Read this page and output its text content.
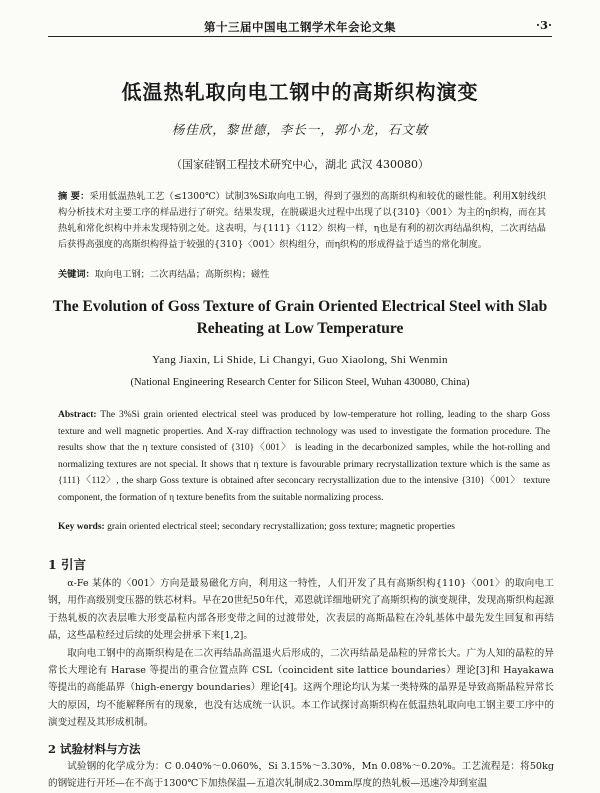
第十三届中国电工钢学术年会论文集	·3·
低温热轧取向电工钢中的高斯织构演变
杨佳欣，黎世德，李长一，郭小龙，石文敏
（国家硅钢工程技术研究中心，湖北 武汉 430080）
摘 要：采用低温热轧工艺（≤1300℃）试制3%Si取向电工钢，得到了强烈的高斯织构和较优的磁性能。利用X射线织构分析技术对主要工序的样品进行了研究。结果发现，在脱碳退火过程中出现了以{310}〈001〉为主的η织构，而在其热轧和常化织构中并未发现特别之处。这表明，与{111}〈112〉织构一样，η也是有利的初次再结晶织构，二次再结晶后获得高强度的高斯织构得益于较强的{310}〈001〉织构组分，而η织构的形成得益于适当的常化制度。
关键词：取向电工钢；二次再结晶；高斯织构；磁性
The Evolution of Goss Texture of Grain Oriented Electrical Steel with Slab Reheating at Low Temperature
Yang Jiaxin, Li Shide, Li Changyi, Guo Xiaolong, Shi Wenmin
(National Engineering Research Center for Silicon Steel, Wuhan 430080, China)
Abstract: The 3%Si grain oriented electrical steel was produced by low-temperature hot rolling, leading to the sharp Goss texture and well magnetic properties. And X-ray diffraction technology was used to investigate the formation procedure. The results show that the η texture consisted of {310}〈001〉 is leading in the decarbonized samples, while the hot-rolling and normalizing textures are not special. It shows that η texture is favourable primary recrystallization texture which is the same as {111}〈112〉, the sharp Goss texture is obtained after seconcary recrystallization due to the intensive {310}〈001〉 texture component, the formation of η texture benefits from the suitable normalizing process.
Key words: grain oriented electrical steel; secondary recrystallization; goss texture; magnetic properties
1 引言

α-Fe 某体的〈001〉方向是最易磁化方向，利用这一特性，人们开发了具有高斯织构{110}〈001〉的取向电工钢，用作高级别变压器的铁芯材料。早在20世纪50年代，邓恩就详细地研究了高斯织构的演变规律，发现高斯织构起源于热轧板的次表层唯大形变晶粒内部各形变带之间的过渡带处，次表层的高斯晶粒在冷轧基体中最先发生回复和再结晶，这些晶粒经过后续的处理会拼承下来[1,2]。

取向电工钢中的高斯织构是在二次再结晶高温退火后形成的，二次再结晶是晶粒的异常长大。广为人知的晶粒的异常长大理论有 Harase 等提出的重合位置点阵 CSL（coincident site lattice boundaries）理论[3]和 Hayakawa 等提出的高能晶界（high-energy boundaries）理论[4]。这两个理论均认为某一类特殊的晶界是导致高斯晶粒异常长大的原因，均不能解释所有的现象，也没有达成统一认识。本工作试探讨高斯织构在低温热轧取向电工钢主要工序中的演变过程及其形成机制。

2 试验材料与方法

试验钢的化学成分为：C 0.040%～0.060%，Si 3.15%～3.30%，Mn 0.08%～0.20%。工艺流程是：将50kg的钢锭进行开坯—在不高于1300℃下加热保温—五道次轧制成2.30mm厚度的热轧板—迅速冷却到室温
